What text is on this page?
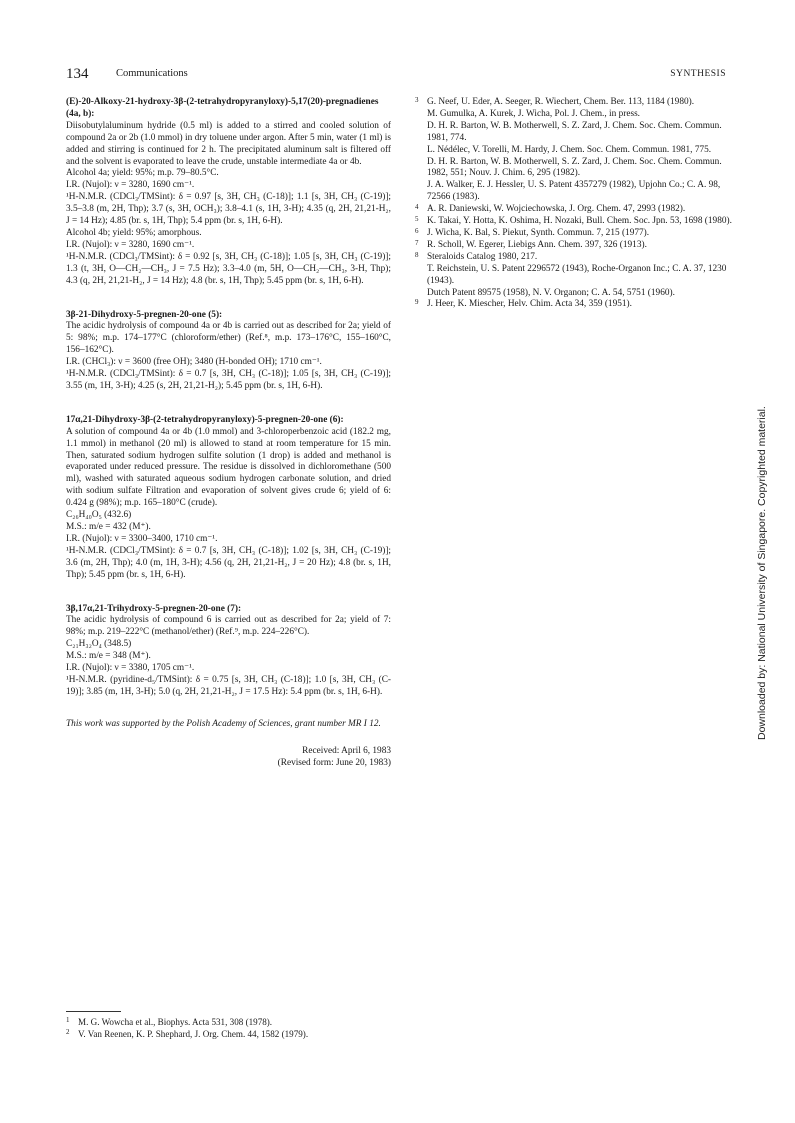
134	Communications	SYNTHESIS

(E)-20-Alkoxy-21-hydroxy-3β-(2-tetrahydropyranyloxy)-5,17(20)-pregnadienes (4a, b):

Diisobutylaluminum hydride (0.5 ml) is added to a stirred and cooled solution of compound 2a or 2b (1.0 mmol) in dry toluene under argon. After 5 min, water (1 ml) is added and stirring is continued for 2 h. The precipitated aluminum salt is filtered off and the solvent is evaporated to leave the crude, unstable intermediate 4a or 4b.

Alcohol 4a; yield: 95%; m.p. 79–80.5°C.

I.R. (Nujol): ν = 3280, 1690 cm⁻¹.

¹H-N.M.R. (CDCl₃/TMSint): δ = 0.97 [s, 3H, CH₃ (C-18)]; 1.1 [s, 3H, CH₃ (C-19)]; 3.5–3.8 (m, 2H, Thp); 3.7 (s, 3H, OCH₃); 3.8–4.1 (s, 1H, 3-H); 4.35 (q, 2H, 21,21-H₂, J = 14 Hz); 4.85 (br. s, 1H, Thp); 5.4 ppm (br. s, 1H, 6-H).

Alcohol 4b; yield: 95%; amorphous.

I.R. (Nujol): ν = 3280, 1690 cm⁻¹.

¹H-N.M.R. (CDCl₃/TMSint): δ = 0.92 [s, 3H, CH₃ (C-18)]; 1.05 [s, 3H, CH₃ (C-19)]; 1.3 (t, 3H, O—CH₂—CH₃, J = 7.5 Hz); 3.3–4.0 (m, 5H, O—CH₂—CH₃, 3-H, Thp); 4.3 (q, 2H, 21,21-H₂, J = 14 Hz); 4.8 (br. s, 1H, Thp); 5.45 ppm (br. s, 1H, 6-H).

3β-21-Dihydroxy-5-pregnen-20-one (5):

The acidic hydrolysis of compound 4a or 4b is carried out as described for 2a; yield of 5: 98%; m.p. 174–177°C (chloroform/ether) (Ref.⁸, m.p. 173–176°C, 155–160°C, 156–162°C).

I.R. (CHCl₃): ν = 3600 (free OH); 3480 (H-bonded OH); 1710 cm⁻¹.

¹H-N.M.R. (CDCl₃/TMSint): δ = 0.7 [s, 3H, CH₃ (C-18)]; 1.05 [s, 3H, CH₃ (C-19)]; 3.55 (m, 1H, 3-H); 4.25 (s, 2H, 21,21-H₂); 5.45 ppm (br. s, 1H, 6-H).

17α,21-Dihydroxy-3β-(2-tetrahydropyranyloxy)-5-pregnen-20-one (6):

A solution of compound 4a or 4b (1.0 mmol) and 3-chloroperbenzoic acid (182.2 mg, 1.1 mmol) in methanol (20 ml) is allowed to stand at room temperature for 15 min. Then, saturated sodium hydrogen sulfite solution (1 drop) is added and methanol is evaporated under reduced pressure. The residue is dissolved in dichloromethane (500 ml), washed with saturated aqueous sodium hydrogen carbonate solution, and dried with sodium sulfate Filtration and evaporation of solvent gives crude 6; yield of 6: 0.424 g (98%); m.p. 165–180°C (crude).

C₂₆H₄₀O₅ (432.6)

M.S.: m/e = 432 (M⁺).

I.R. (Nujol): ν = 3300–3400, 1710 cm⁻¹.

¹H-N.M.R. (CDCl₃/TMSint): δ = 0.7 [s, 3H, CH₃ (C-18)]; 1.02 [s, 3H, CH₃ (C-19)]; 3.6 (m, 2H, Thp); 4.0 (m, 1H, 3-H); 4.56 (q, 2H, 21,21-H₂, J = 20 Hz); 4.8 (br. s, 1H, Thp); 5.45 ppm (br. s, 1H, 6-H).

3β,17α,21-Trihydroxy-5-pregnen-20-one (7):

The acidic hydrolysis of compound 6 is carried out as described for 2a; yield of 7: 98%; m.p. 219–222°C (methanol/ether) (Ref.⁹, m.p. 224–226°C).

C₂₁H₃₂O₄ (348.5)

M.S.: m/e = 348 (M⁺).

I.R. (Nujol): ν = 3380, 1705 cm⁻¹.

¹H-N.M.R. (pyridine-d₅/TMSint): δ = 0.75 [s, 3H, CH₃ (C-18)]; 1.0 [s, 3H, CH₃ (C-19)]; 3.85 (m, 1H, 3-H); 5.0 (q, 2H, 21,21-H₂, J = 17.5 Hz): 5.4 ppm (br. s, 1H, 6-H).

This work was supported by the Polish Academy of Sciences, grant number MR I 12.

Received: April 6, 1983
(Revised form: June 20, 1983)
3 G. Neef, U. Eder, A. Seeger, R. Wiechert, Chem. Ber. 113, 1184 (1980).
M. Gumulka, A. Kurek, J. Wicha, Pol. J. Chem., in press.
D. H. R. Barton, W. B. Motherwell, S. Z. Zard, J. Chem. Soc. Chem. Commun. 1981, 774.
L. Nédélec, V. Torelli, M. Hardy, J. Chem. Soc. Chem. Commun. 1981, 775.
D. H. R. Barton, W. B. Motherwell, S. Z. Zard, J. Chem. Soc. Chem. Commun. 1982, 551; Nouv. J. Chim. 6, 295 (1982).
J. A. Walker, E. J. Hessler, U. S. Patent 4357279 (1982), Upjohn Co.; C. A. 98, 72566 (1983).
4 A. R. Daniewski, W. Wojciechowska, J. Org. Chem. 47, 2993 (1982).
5 K. Takai, Y. Hotta, K. Oshima, H. Nozaki, Bull. Chem. Soc. Jpn. 53, 1698 (1980).
6 J. Wicha, K. Bal, S. Piekut, Synth. Commun. 7, 215 (1977).
7 R. Scholl, W. Egerer, Liebigs Ann. Chem. 397, 326 (1913).
8 Steraloids Catalog 1980, 217.
T. Reichstein, U. S. Patent 2296572 (1943), Roche-Organon Inc.; C. A. 37, 1230 (1943).
Dutch Patent 89575 (1958), N. V. Organon; C. A. 54, 5751 (1960).
9 J. Heer, K. Miescher, Helv. Chim. Acta 34, 359 (1951).
1 M. G. Wowcha et al., Biophys. Acta 531, 308 (1978).
2 V. Van Reenen, K. P. Shephard, J. Org. Chem. 44, 1582 (1979).
Downloaded by: National University of Singapore. Copyrighted material.
